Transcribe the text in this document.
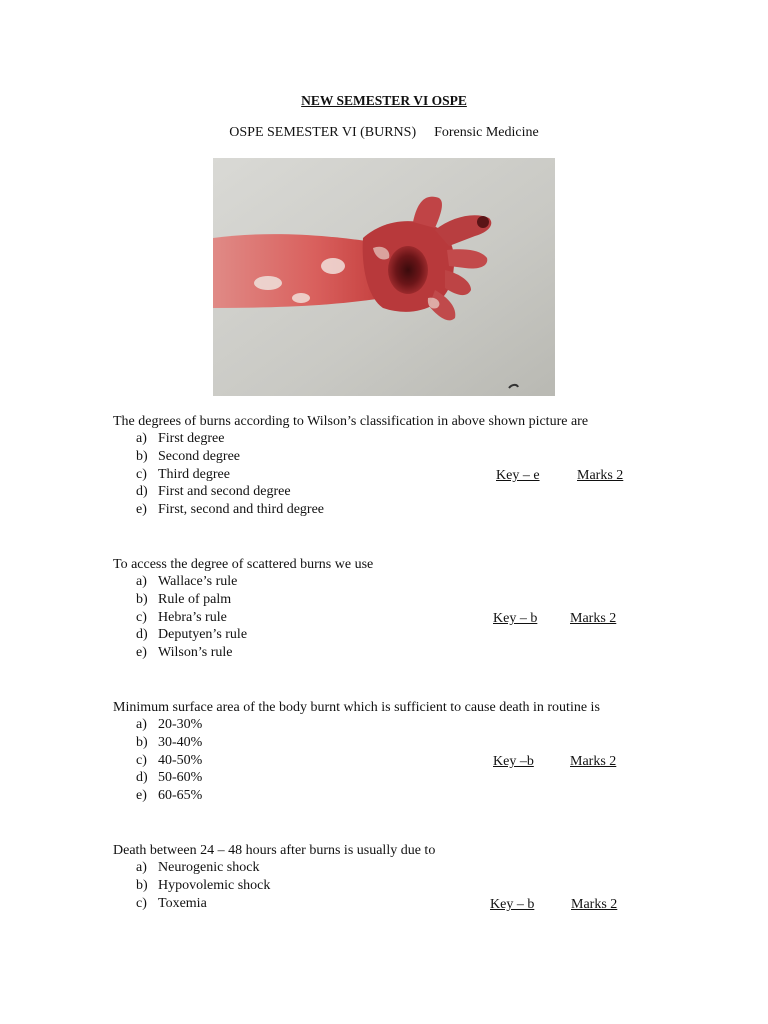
NEW SEMESTER VI OSPE
OSPE SEMESTER VI (BURNS) Forensic Medicine
The degrees of burns according to Wilson’s classification in above shown picture are
a) First degree
b) Second degree
c) Third degree
d) First and second degree
e) First, second and third degree
Key – e	Marks 2
To access the degree of scattered burns we use
a) Wallace’s rule
b) Rule of palm
c) Hebra’s rule
d) Deputyen’s rule
e) Wilson’s rule
Key – b Marks 2
Minimum surface area of the body burnt which is sufficient to cause death in routine is
a) 20-30%
b) 30-40%
c) 40-50%
d) 50-60%
e) 60-65%
Key –b	Marks 2
Death between 24 – 48 hours after burns is usually due to
a) Neurogenic shock
b) Hypovolemic shock
c) Toxemia	Key – b	Marks 2
